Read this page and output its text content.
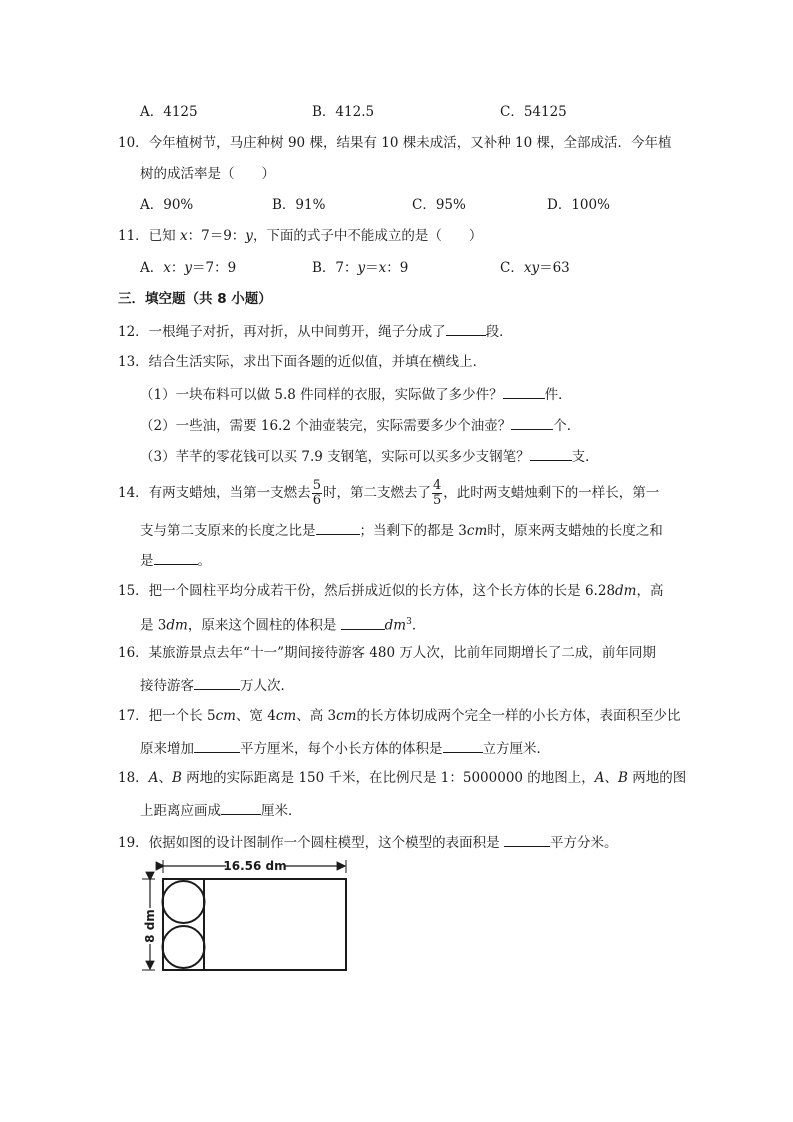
A．4125	B．412.5	C．54125
10．今年植树节，马庄种树 90 棵，结果有 10 棵未成活，又补种 10 棵，全部成活．今年植
树的成活率是（　　）
A．90%	B．91%	C．95%	D．100%
11．已知 x：7＝9：y，下面的式子中不能成立的是（　　）
A．x：y＝7：9	B．7：y＝x：9	C．xy＝63
三．填空题（共 8 小题）
12．一根绳子对折，再对折，从中间剪开，绳子分成了	段．
13．结合生活实际，求出下面各题的近似值，并填在横线上．
（1）一块布料可以做 5.8 件同样的衣服，实际做了多少件？	件．
（2）一些油，需要 16.2 个油壶装完，实际需要多少个油壶？	个．
（3）芊芊的零花钱可以买 7.9 支钢笔，实际可以买多少支钢笔？	支．
14．有两支蜡烛，当第一支燃去 $\frac{5}{6}$ 时，第二支燃去了 $\frac{4}{5}$ ，此时两支蜡烛剩下的一样长，第一
支与第二支原来的长度之比是	；当剩下的都是 3cm时，原来两支蜡烛的长度之和
是	。
15．把一个圆柱平均分成若干份，然后拼成近似的长方体，这个长方体的长是 6.28dm，高
是 3dm，原来这个圆柱的体积是	$dm^3$．
16．某旅游景点去年“十一”期间接待游客 480 万人次，比前年同期增长了二成，前年同期
接待游客	万人次．
17．把一个长 5cm、宽 4cm、高 3cm的长方体切成两个完全一样的小长方体，表面积至少比
原来增加	平方厘米，每个小长方体的体积是	立方厘米．
18．A、B 两地的实际距离是 150 千米，在比例尺是 1：5000000 的地图上，A、B 两地的图
上距离应画成	厘米．
19．依据如图的设计图制作一个圆柱模型，这个模型的表面积是	平方分米。
16.56 dm
8 dm
